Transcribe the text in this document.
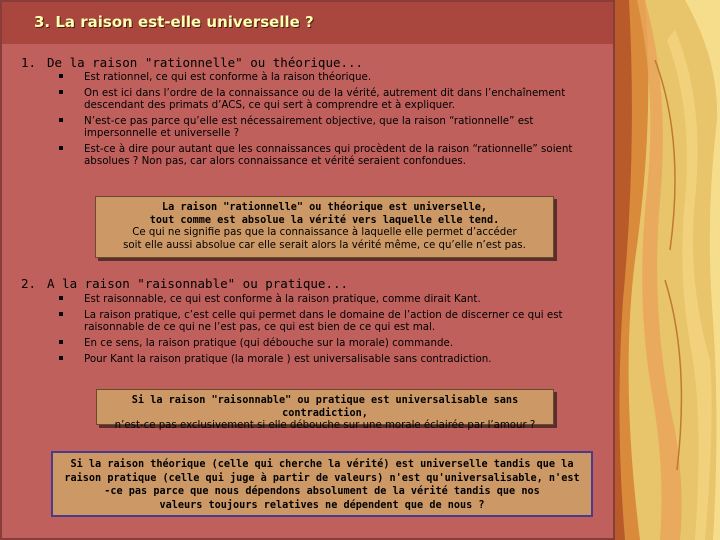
3. La raison est-elle universelle ?
1. De la raison "rationnelle" ou théorique...
Est rationnel, ce qui est conforme à la raison théorique.
On est ici dans l’ordre de la connaissance ou de la vérité, autrement dit dans l’enchaînement descendant des primats d’ACS, ce qui sert à comprendre et à expliquer.
N’est-ce pas parce qu’elle est nécessairement objective, que la raison “rationnelle” est impersonnelle et universelle ?
Est-ce à dire pour autant que les connaissances qui procèdent de la raison “rationnelle” soient absolues ? Non pas, car alors connaissance et vérité seraient confondues.
La raison "rationnelle" ou théorique est universelle,
tout comme est absolue la vérité vers laquelle elle tend.
Ce qui ne signifie pas que la connaissance à laquelle elle permet d’accéder
soit elle aussi absolue car elle serait alors la vérité même, ce qu’elle n’est pas.
2. A la raison "raisonnable" ou pratique...
Est raisonnable, ce qui est conforme à la raison pratique, comme dirait Kant.
La raison pratique, c’est celle qui permet dans le domaine de l’action de discerner ce qui est raisonnable de ce qui ne l’est pas, ce qui est bien de ce qui est mal.
En ce sens, la raison pratique (qui débouche sur la morale) commande.
Pour Kant la raison pratique (la morale ) est universalisable sans contradiction.
Si la raison "raisonnable" ou pratique est universalisable sans contradiction,
n’est-ce pas exclusivement si elle débouche sur une morale éclairée par l’amour ?
Si la raison théorique (celle qui cherche la vérité) est universelle tandis que la
raison pratique (celle qui juge à partir de valeurs) n'est qu'universalisable, n'est
-ce pas parce que nous dépendons absolument de la vérité tandis que nos
valeurs toujours relatives ne dépendent que de nous ?
